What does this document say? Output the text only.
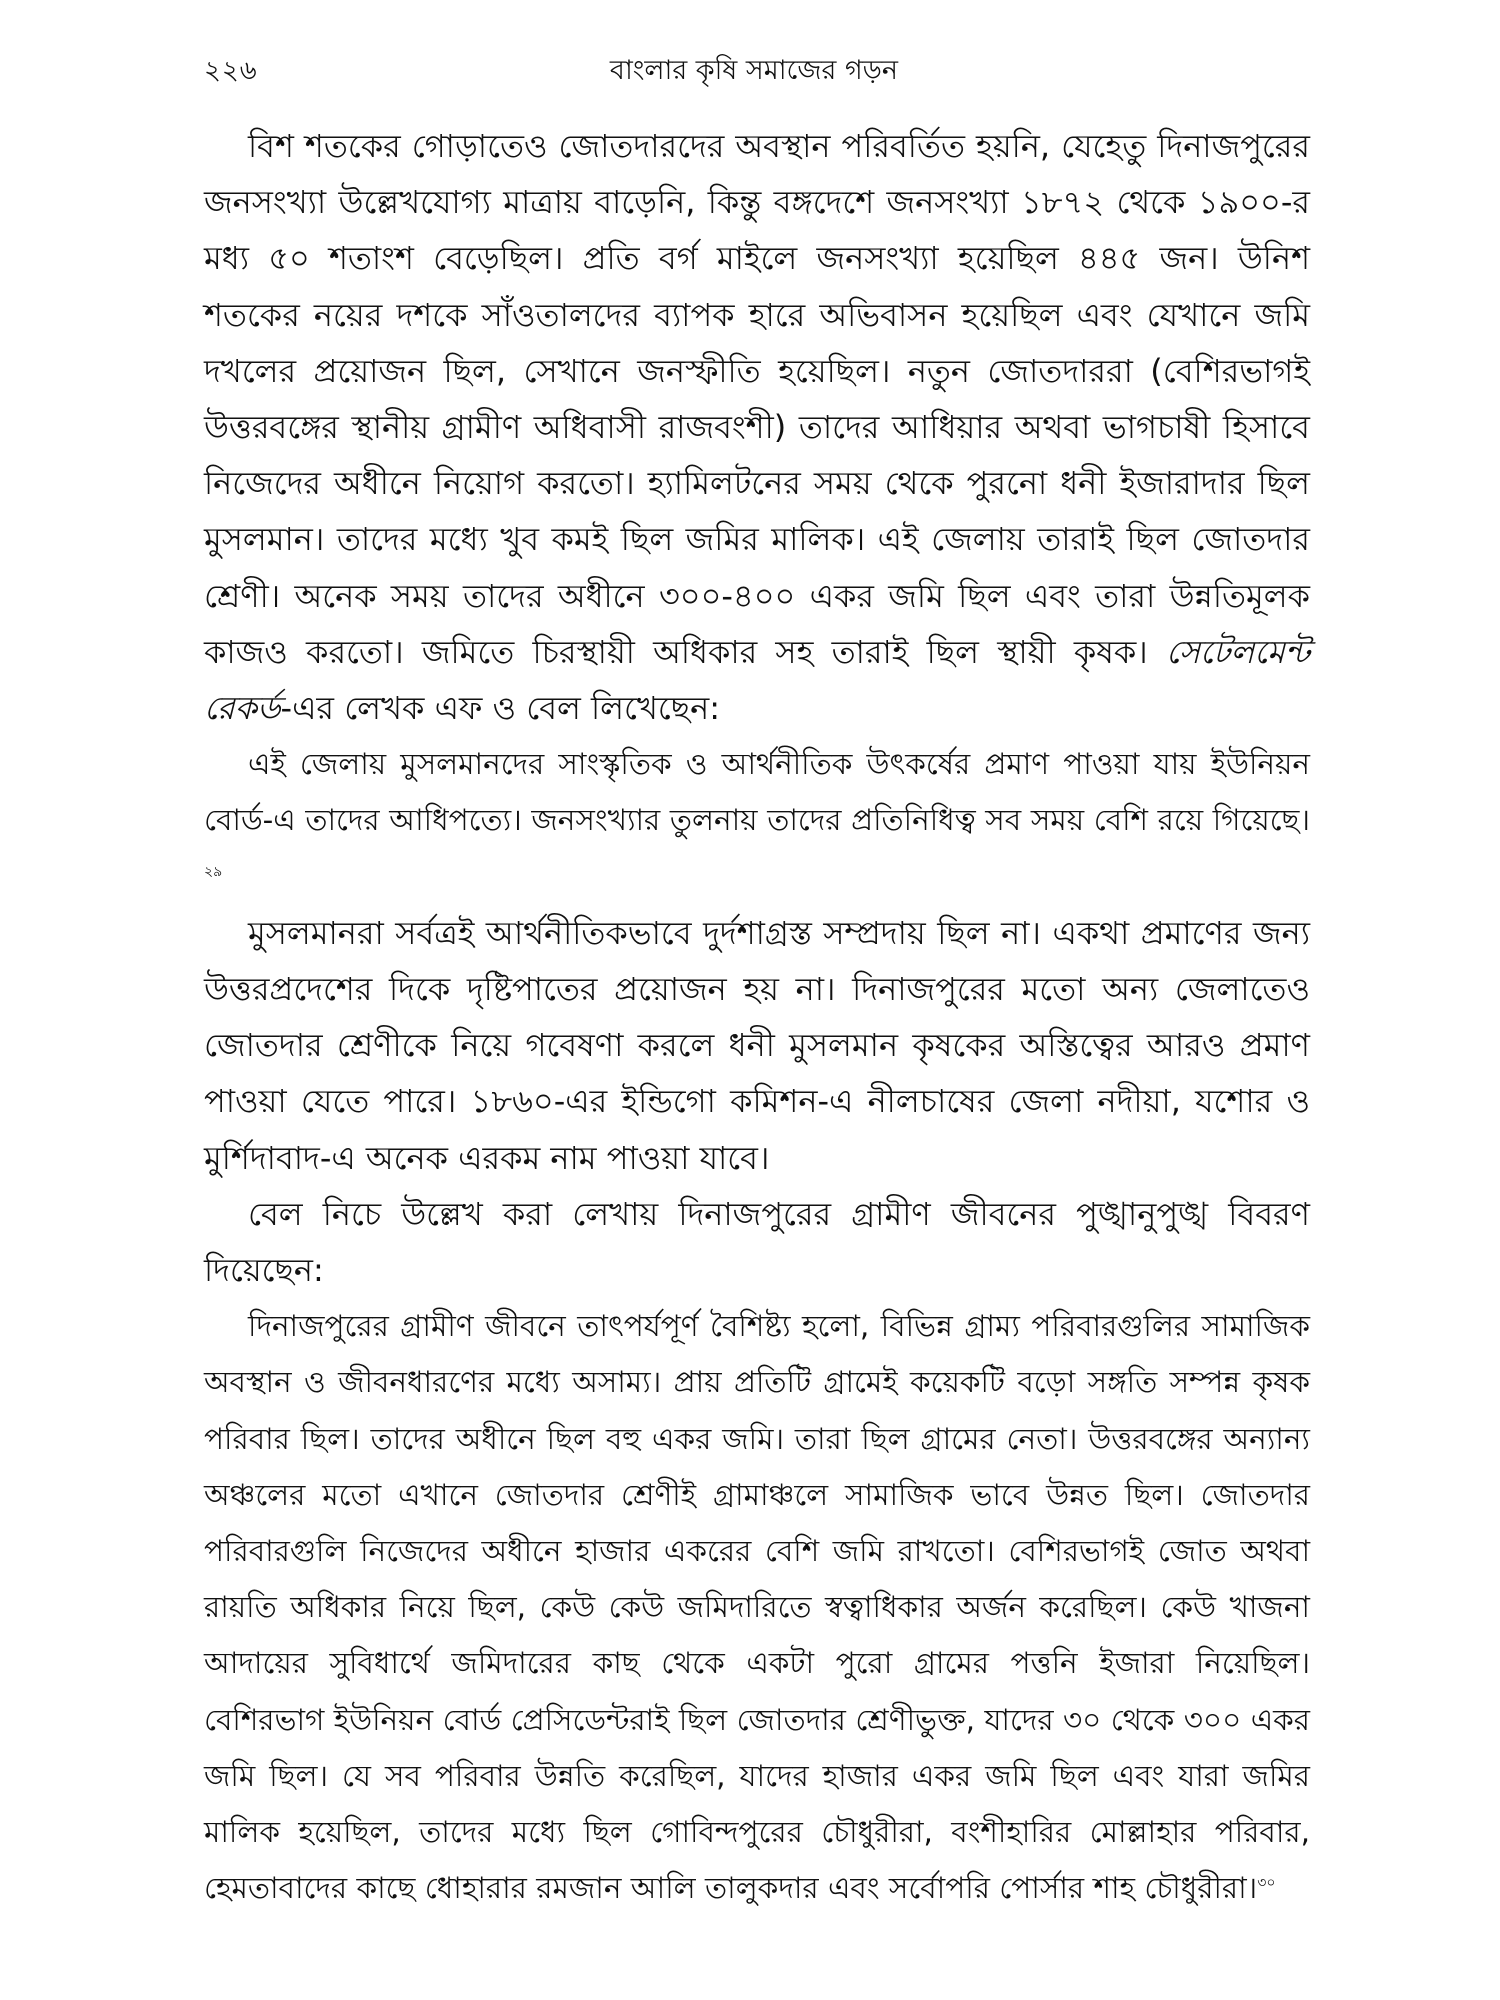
২২৬	বাংলার কৃষি সমাজের গড়ন

বিশ শতকের গোড়াতেও জোতদারদের অবস্থান পরিবর্তিত হয়নি, যেহেতু দিনাজপুরের জনসংখ্যা উল্লেখযোগ্য মাত্রায় বাড়েনি, কিন্তু বঙ্গদেশে জনসংখ্যা ১৮৭২ থেকে ১৯০০-র মধ্য ৫০ শতাংশ বেড়েছিল। প্রতি বর্গ মাইলে জনসংখ্যা হয়েছিল ৪৪৫ জন। উনিশ শতকের নয়ের দশকে সাঁওতালদের ব্যাপক হারে অভিবাসন হয়েছিল এবং যেখানে জমি দখলের প্রয়োজন ছিল, সেখানে জনস্ফীতি হয়েছিল। নতুন জোতদাররা (বেশিরভাগই উত্তরবঙ্গের স্থানীয় গ্রামীণ অধিবাসী রাজবংশী) তাদের আধিয়ার অথবা ভাগচাষী হিসাবে নিজেদের অধীনে নিয়োগ করতো। হ্যামিলটনের সময় থেকে পুরনো ধনী ইজারাদার ছিল মুসলমান। তাদের মধ্যে খুব কমই ছিল জমির মালিক। এই জেলায় তারাই ছিল জোতদার শ্রেণী। অনেক সময় তাদের অধীনে ৩০০-৪০০ একর জমি ছিল এবং তারা উন্নতিমূলক কাজও করতো। জমিতে চিরস্থায়ী অধিকার সহ তারাই ছিল স্থায়ী কৃষক। সেটেলমেন্ট রেকর্ড-এর লেখক এফ ও বেল লিখেছেন:

এই জেলায় মুসলমানদের সাংস্কৃতিক ও আর্থনীতিক উৎকর্ষের প্রমাণ পাওয়া যায় ইউনিয়ন বোর্ড-এ তাদের আধিপত্যে। জনসংখ্যার তুলনায় তাদের প্রতিনিধিত্ব সব সময় বেশি রয়ে গিয়েছে।$^{২৯}$

মুসলমানরা সর্বত্রই আর্থনীতিকভাবে দুর্দশাগ্রস্ত সম্প্রদায় ছিল না। একথা প্রমাণের জন্য উত্তরপ্রদেশের দিকে দৃষ্টিপাতের প্রয়োজন হয় না। দিনাজপুরের মতো অন্য জেলাতেও জোতদার শ্রেণীকে নিয়ে গবেষণা করলে ধনী মুসলমান কৃষকের অস্তিত্বের আরও প্রমাণ পাওয়া যেতে পারে। ১৮৬০-এর ইন্ডিগো কমিশন-এ নীলচাষের জেলা নদীয়া, যশোর ও মুর্শিদাবাদ-এ অনেক এরকম নাম পাওয়া যাবে।

বেল নিচে উল্লেখ করা লেখায় দিনাজপুরের গ্রামীণ জীবনের পুঙ্খানুপুঙ্খ বিবরণ দিয়েছেন:

দিনাজপুরের গ্রামীণ জীবনে তাৎপর্যপূর্ণ বৈশিষ্ট্য হলো, বিভিন্ন গ্রাম্য পরিবারগুলির সামাজিক অবস্থান ও জীবনধারণের মধ্যে অসাম্য। প্রায় প্রতিটি গ্রামেই কয়েকটি বড়ো সঙ্গতি সম্পন্ন কৃষক পরিবার ছিল। তাদের অধীনে ছিল বহু একর জমি। তারা ছিল গ্রামের নেতা। উত্তরবঙ্গের অন্যান্য অঞ্চলের মতো এখানে জোতদার শ্রেণীই গ্রামাঞ্চলে সামাজিক ভাবে উন্নত ছিল। জোতদার পরিবারগুলি নিজেদের অধীনে হাজার একরের বেশি জমি রাখতো। বেশিরভাগই জোত অথবা রায়তি অধিকার নিয়ে ছিল, কেউ কেউ জমিদারিতে স্বত্বাধিকার অর্জন করেছিল। কেউ খাজনা আদায়ের সুবিধার্থে জমিদারের কাছ থেকে একটা পুরো গ্রামের পত্তনি ইজারা নিয়েছিল। বেশিরভাগ ইউনিয়ন বোর্ড প্রেসিডেন্টরাই ছিল জোতদার শ্রেণীভুক্ত, যাদের ৩০ থেকে ৩০০ একর জমি ছিল। যে সব পরিবার উন্নতি করেছিল, যাদের হাজার একর জমি ছিল এবং যারা জমির মালিক হয়েছিল, তাদের মধ্যে ছিল গোবিন্দপুরের চৌধুরীরা, বংশীহারির মোল্লাহার পরিবার, হেমতাবাদের কাছে ধোহারার রমজান আলি তালুকদার এবং সর্বোপরি পোর্সার শাহ চৌধুরীরা।$^{৩০}$
